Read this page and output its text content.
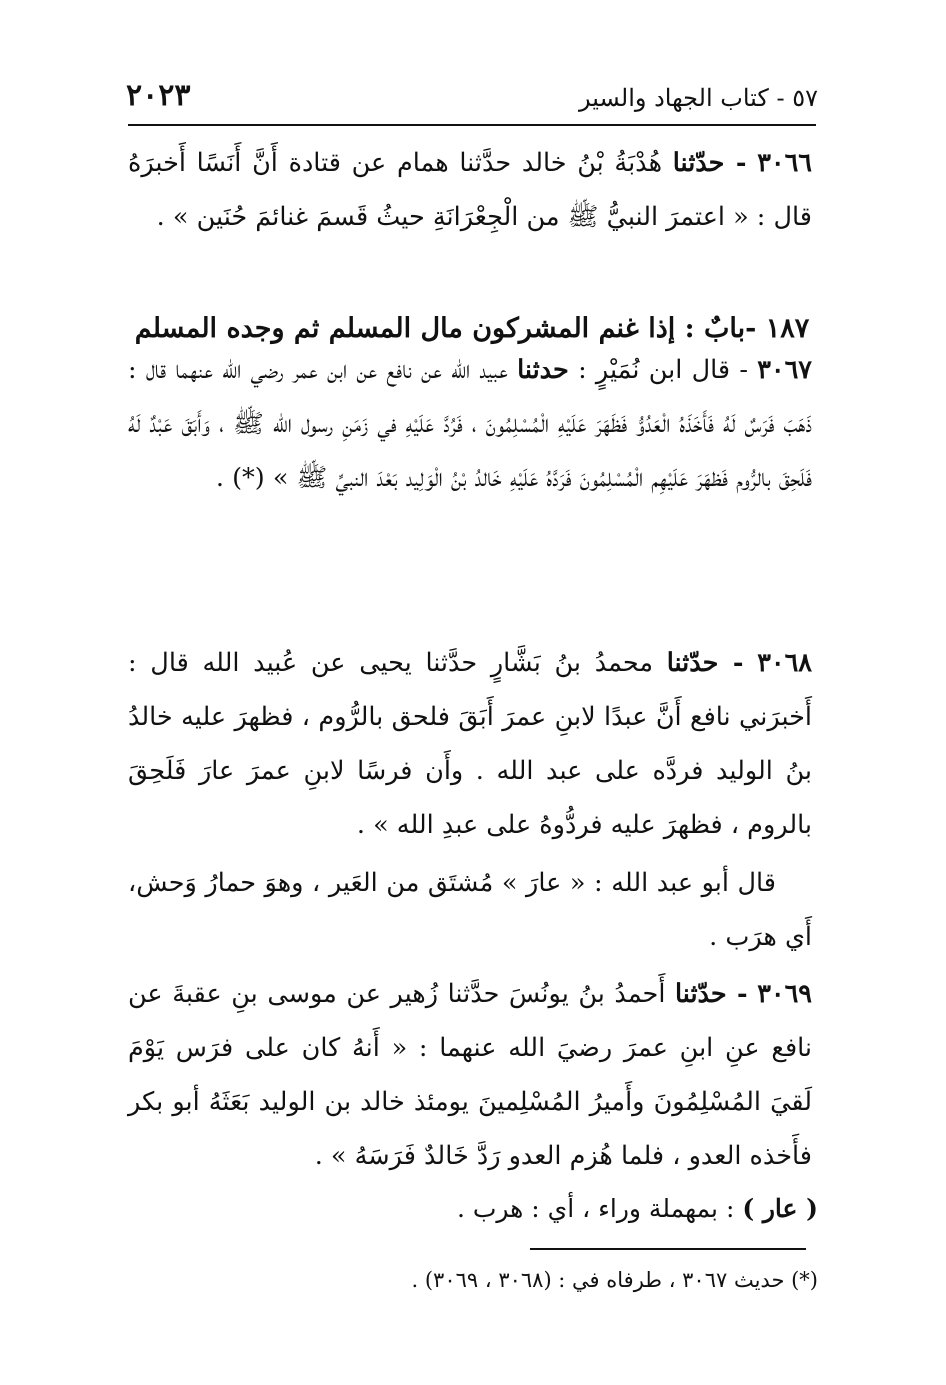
٥٧ - كتاب الجهاد والسير
٢٠٢٣
٣٠٦٦ - حدّثنا هُدْبَةُ بْنُ خالد حدَّثنا همام عن قتادة أَنَّ أَنَسًا أَخبرَهُ قال : « اعتمرَ النبيُّ ﷺ من الْجِعْرَانَةِ حيثُ قَسمَ غنائمَ حُنَين » .
١٨٧ -بابٌ : إذا غنم المشركون مال المسلم ثم وجده المسلم
٣٠٦٧ - قال ابن نُمَيْرٍ : حدثنا عبيد الله عن نافع عن ابن عمر رضي الله عنهما قال : ذَهَبَ فَرَسٌ لَهُ فَأَخَذَهُ الْعَدُوُّ فَظَهَرَ عَلَيْهِ الْمُسْلِمُونَ ، فَرُدَّ عَلَيْهِ في زَمَنِ رسول الله ﷺ ، وَأَبَقَ عَبْدٌ لَهُ فَلَحِقَ بالرُّوم فَظهَرَ عَلَيْهِم الْمُسْلِمُونَ فَرَدَّهُ عَلَيْهِ خَالدُ بْنُ الْوَلِيد بَعْدَ النبيِّ ﷺ » (*) .
٣٠٦٨ - حدّثنا محمدُ بنُ بَشَّارٍ حدَّثنا يحيى عن عُبيد الله قال : أَخبرَني نافع أَنَّ عبدًا لابنِ عمرَ أَبَقَ فلحق بالرُّوم ، فظهرَ عليه خالدُ بنُ الوليد فردَّه على عبد الله . وأَن فرسًا لابنِ عمرَ عارَ فَلَحِقَ بالروم ، فظهرَ عليه فردُّوهُ على عبدِ الله » .
قال أبو عبد الله : « عارَ » مُشتَق من العَير ، وهوَ حمارُ وَحش، أَي هرَب .
٣٠٦٩ - حدّثنا أَحمدُ بنُ يونُسَ حدَّثنا زُهير عن موسى بنِ عقبةَ عن نافع عنِ ابنِ عمرَ رضيَ الله عنهما : « أَنهُ كان على فرَس يَوْمَ لَقيَ المُسْلِمُونَ وأَميرُ المُسْلِمينَ يومئذ خالد بن الوليد بَعَثَهُ أبو بكر فأَخذه العدو ، فلما هُزم العدو رَدَّ خَالدٌ فَرَسَهُ » .
( عار ) : بمهملة وراء ، أي : هرب .
(*) حديث ٣٠٦٧ ، طرفاه في : (٣٠٦٨ ، ٣٠٦٩) .
